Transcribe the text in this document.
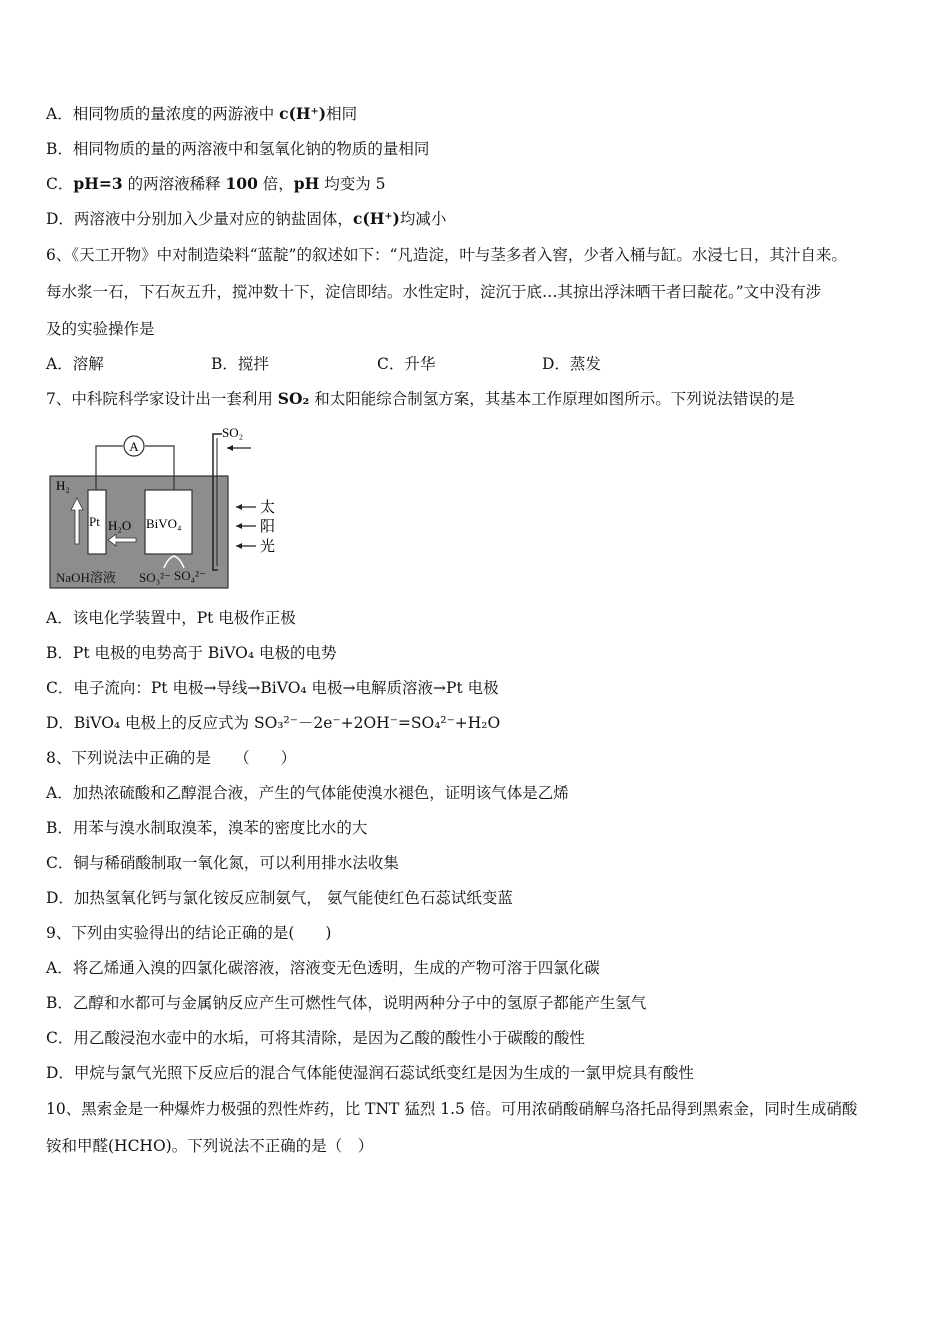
A．相同物质的量浓度的两游液中 c(H⁺)相同
B．相同物质的量的两溶液中和氢氧化钠的物质的量相同
C．pH=3 的两溶液稀释 100 倍，pH 均变为 5
D．两溶液中分别加入少量对应的钠盐固体，c(H⁺)均减小
6、《天工开物》中对制造染料“蓝靛”的叙述如下：“凡造淀，叶与茎多者入窖，少者入桶与缸。水浸七日，其汁自来。
每水浆一石，下石灰五升，搅冲数十下，淀信即结。水性定时，淀沉于底…其掠出浮沫晒干者曰靛花。”文中没有涉
及的实验操作是
A．溶解	B．搅拌	C．升华	D．蒸发
7、中科院科学家设计出一套利用 SO₂ 和太阳能综合制氢方案，其基本工作原理如图所示。下列说法错误的是
A
SO₂
Pt	BiVO₄
H₂
H₂O
NaOH溶液 SO₃²⁻ SO₄²⁻
太
阳
光
A．该电化学装置中，Pt 电极作正极
B．Pt 电极的电势高于 BiVO₄ 电极的电势
C．电子流向：Pt 电极→导线→BiVO₄ 电极→电解质溶液→Pt 电极
D．BiVO₄ 电极上的反应式为 SO₃²⁻－2e⁻+2OH⁻=SO₄²⁻+H₂O
8、下列说法中正确的是　　（　　）
A．加热浓硫酸和乙醇混合液，产生的气体能使溴水褪色，证明该气体是乙烯
B．用苯与溴水制取溴苯，溴苯的密度比水的大
C．铜与稀硝酸制取一氧化氮，可以利用排水法收集
D．加热氢氧化钙与氯化铵反应制氨气， 氨气能使红色石蕊试纸变蓝
9、下列由实验得出的结论正确的是(　　)
A．将乙烯通入溴的四氯化碳溶液，溶液变无色透明，生成的产物可溶于四氯化碳
B．乙醇和水都可与金属钠反应产生可燃性气体，说明两种分子中的氢原子都能产生氢气
C．用乙酸浸泡水壶中的水垢，可将其清除，是因为乙酸的酸性小于碳酸的酸性
D．甲烷与氯气光照下反应后的混合气体能使湿润石蕊试纸变红是因为生成的一氯甲烷具有酸性
10、黑索金是一种爆炸力极强的烈性炸药，比 TNT 猛烈 1.5 倍。可用浓硝酸硝解乌洛托品得到黑索金，同时生成硝酸
铵和甲醛(HCHO)。下列说法不正确的是（　）
